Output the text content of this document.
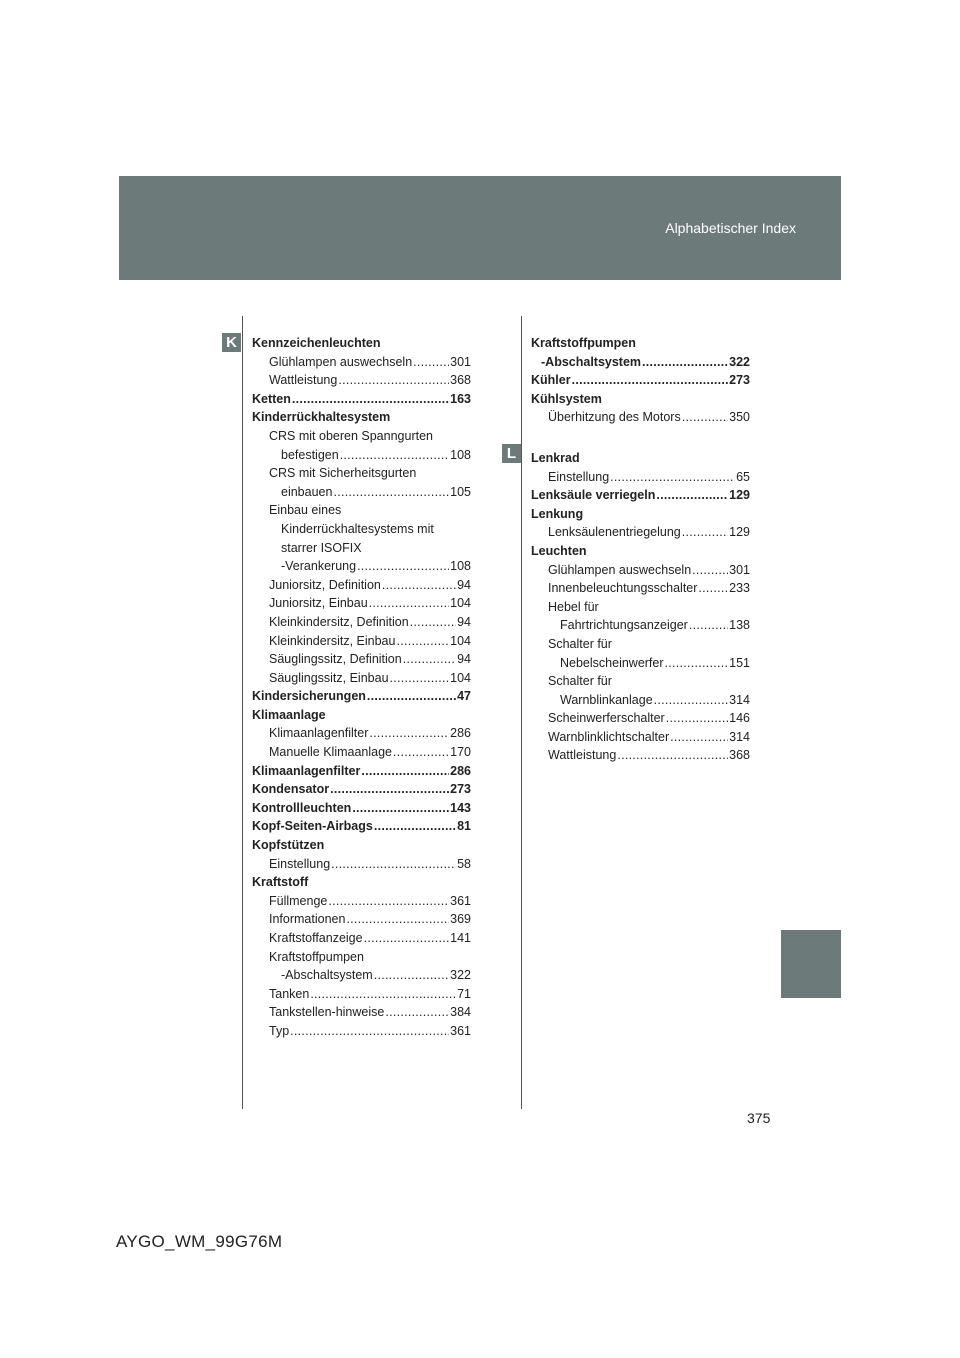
Alphabetischer Index
K
L
Kennzeichenleuchten
Glühlampen auswechseln . . .	301
Wattleistung . . .	368
Ketten . . .	163
Kinderrückhaltesystem
CRS mit oberen Spanngurten
befestigen . . .	108
CRS mit Sicherheitsgurten
einbauen . . .	105
Einbau eines
Kinderrückhaltesystems mit
starrer ISOFIX
-Verankerung . . .	108
Juniorsitz, Definition . . .	94
Juniorsitz, Einbau . . .	104
Kleinkindersitz, Definition . . .	94
Kleinkindersitz, Einbau . . .	104
Säuglingssitz, Definition . . .	94
Säuglingssitz, Einbau . . .	104
Kindersicherungen . . .	47
Klimaanlage
Klimaanlagenfilter . . .	286
Manuelle Klimaanlage . . .	170
Klimaanlagenfilter . . .	286
Kondensator . . .	273
Kontrollleuchten . . .	143
Kopf-Seiten-Airbags . . .	81
Kopfstützen
Einstellung . . .	58
Kraftstoff
Füllmenge . . .	361
Informationen . . .	369
Kraftstoffanzeige . . .	141
Kraftstoffpumpen
-Abschaltsystem . . .	322
Tanken . . .	71
Tankstellen-hinweise . . .	384
Typ . . .	361
Kraftstoffpumpen
-Abschaltsystem . . .	322
Kühler . . .	273
Kühlsystem
Überhitzung des Motors . . .	350
Lenkrad
Einstellung . . .	65
Lenksäule verriegeln . . .	129
Lenkung
Lenksäulenentriegelung . . .	129
Leuchten
Glühlampen auswechseln . . .	301
Innenbeleuchtungsschalter . . .	233
Hebel für
Fahrtrichtungsanzeiger . . .	138
Schalter für
Nebelscheinwerfer . . .	151
Schalter für
Warnblinkanlage . . .	314
Scheinwerferschalter . . .	146
Warnblinklichtschalter . . .	314
Wattleistung . . .	368
375
AYGO_WM_99G76M
